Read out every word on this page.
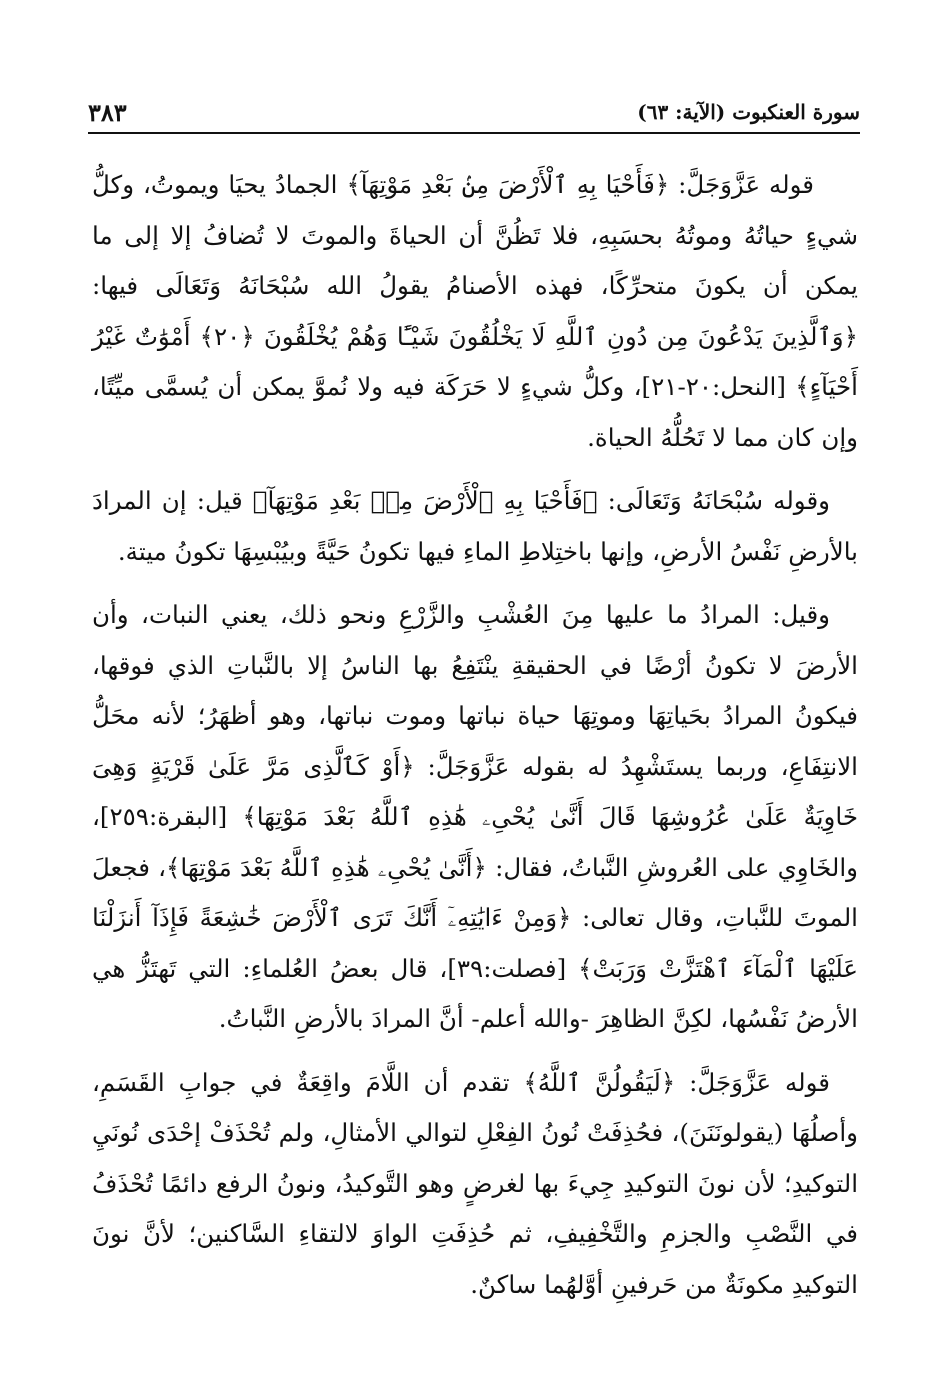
سورة العنكبوت (الآية: ٦٣)
٣٨٣

قوله عَزَّوَجَلَّ: ﴿فَأَحْيَا بِهِ ٱلْأَرْضَ مِنۢ بَعْدِ مَوْتِهَآ﴾ الجمادُ يحيَا ويموتُ، وكلُّ شيءٍ حياتُهُ وموتُهُ بحسَبِهِ، فلا تَظُنَّ أن الحياةَ والموتَ لا تُضافُ إلا إلى ما يمكن أن يكونَ متحرِّكًا، فهذه الأصنامُ يقولُ الله سُبْحَانَهُ وَتَعَالَى فيها: ﴿وَٱلَّذِينَ يَدْعُونَ مِن دُونِ ٱللَّهِ لَا يَخْلُقُونَ شَيْـًٔا وَهُمْ يُخْلَقُونَ ﴿٢٠﴾ أَمْوَٰتٌ غَيْرُ أَحْيَآءٍ﴾ [النحل:٢٠-٢١]، وكلُّ شيءٍ لا حَرَكَة فيه ولا نُموَّ يمكن أن يُسمَّى ميِّتًا، وإن كان مما لا تَحُلُّهُ الحياة.

وقوله سُبْحَانَهُ وَتَعَالَى: ﴿فَأَحْيَا بِهِ ٱلْأَرْضَ مِنۢ بَعْدِ مَوْتِهَآ﴾ قيل: إن المرادَ بالأرضِ نَفْسُ الأرضِ، وإنها باختِلاطِ الماءِ فيها تكونُ حَيَّةً وبيُبْسِهَا تكونُ ميتة.

وقيل: المرادُ ما عليها مِنَ العُشْبِ والزَّرْعِ ونحو ذلك، يعني النبات، وأن الأرضَ لا تكونُ أرْضًا في الحقيقةِ ينْتَفِعُ بها الناسُ إلا بالنَّباتِ الذي فوقها، فيكونُ المرادُ بحَياتِهَا وموتِهَا حياة نباتها وموت نباتها، وهو أظهَرُ؛ لأنه محَلُّ الانتِفَاعِ، وربما يستَشْهِدُ له بقوله عَزَّوَجَلَّ: ﴿أَوْ كَٱلَّذِى مَرَّ عَلَىٰ قَرْيَةٍ وَهِىَ خَاوِيَةٌ عَلَىٰ عُرُوشِهَا قَالَ أَنَّىٰ يُحْىِۦ هَٰذِهِ ٱللَّهُ بَعْدَ مَوْتِهَا﴾ [البقرة:٢٥٩]، والخَاوِي على العُروشِ النَّباتُ، فقال: ﴿أَنَّىٰ يُحْىِۦ هَٰذِهِ ٱللَّهُ بَعْدَ مَوْتِهَا﴾، فجعلَ الموتَ للنَّباتِ، وقال تعالى: ﴿وَمِنْ ءَايَٰتِهِۦٓ أَنَّكَ تَرَى ٱلْأَرْضَ خَٰشِعَةً فَإِذَآ أَنزَلْنَا عَلَيْهَا ٱلْمَآءَ ٱهْتَزَّتْ وَرَبَتْ﴾ [فصلت:٣٩]، قال بعضُ العُلماءِ: التي تَهتَزُّ هي الأرضُ نَفْسُها، لكِنَّ الظاهِرَ -والله أعلم- أنَّ المرادَ بالأرضِ النَّباتُ.

قوله عَزَّوَجَلَّ: ﴿لَيَقُولُنَّ ٱللَّهُ﴾ تقدم أن اللَّامَ واقِعَةٌ في جوابِ القَسَمِ، وأصلُهَا (يقولونَنَنَ)، فحُذِفَتْ نُونُ الفِعْلِ لتوالي الأمثالِ، ولم تُحْذَفْ إحْدَى نُونَيِ التوكيدِ؛ لأن نونَ التوكيدِ جِيءَ بها لغرضٍ وهو التَّوكيدُ، ونونُ الرفع دائمًا تُحْذَفُ في النَّصْبِ والجزمِ والتَّخْفِيفِ، ثم حُذِفَتِ الواوَ لالتقاءِ السَّاكنين؛ لأنَّ نونَ التوكيدِ مكونَةٌ من حَرفينِ أوَّلهُما ساكنٌ.
